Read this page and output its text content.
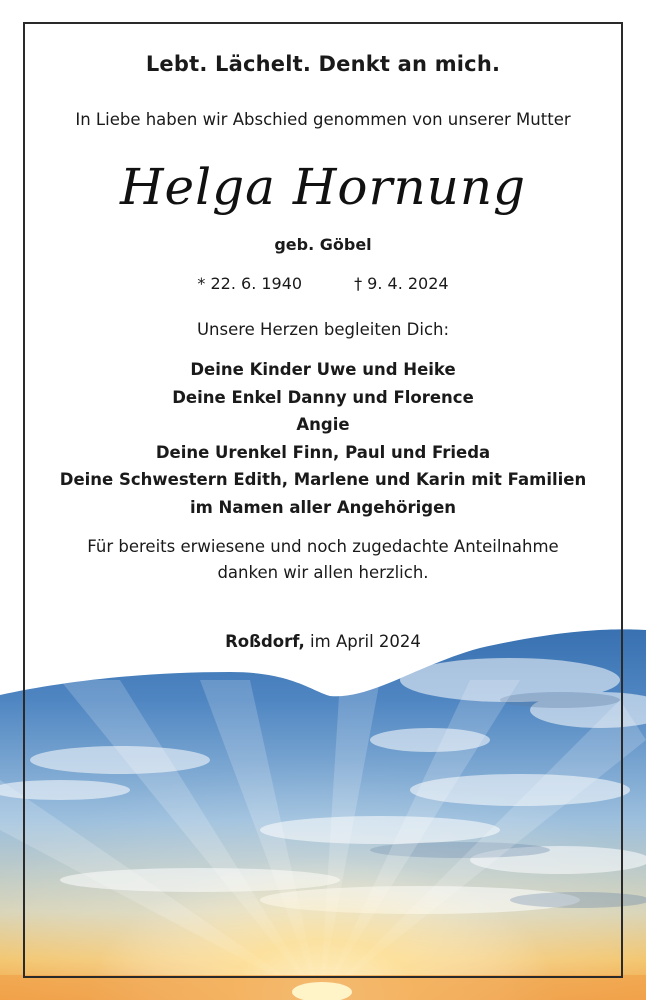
Lebt. Lächelt. Denkt an mich.
In Liebe haben wir Abschied genommen von unserer Mutter
Helga Hornung
geb. Göbel
* 22. 6. 1940	† 9. 4. 2024
Unsere Herzen begleiten Dich:
Deine Kinder Uwe und Heike
Deine Enkel Danny und Florence
Angie
Deine Urenkel Finn, Paul und Frieda
Deine Schwestern Edith, Marlene und Karin mit Familien
im Namen aller Angehörigen
Für bereits erwiesene und noch zugedachte Anteilnahme
danken wir allen herzlich.
Roßdorf, im April 2024
